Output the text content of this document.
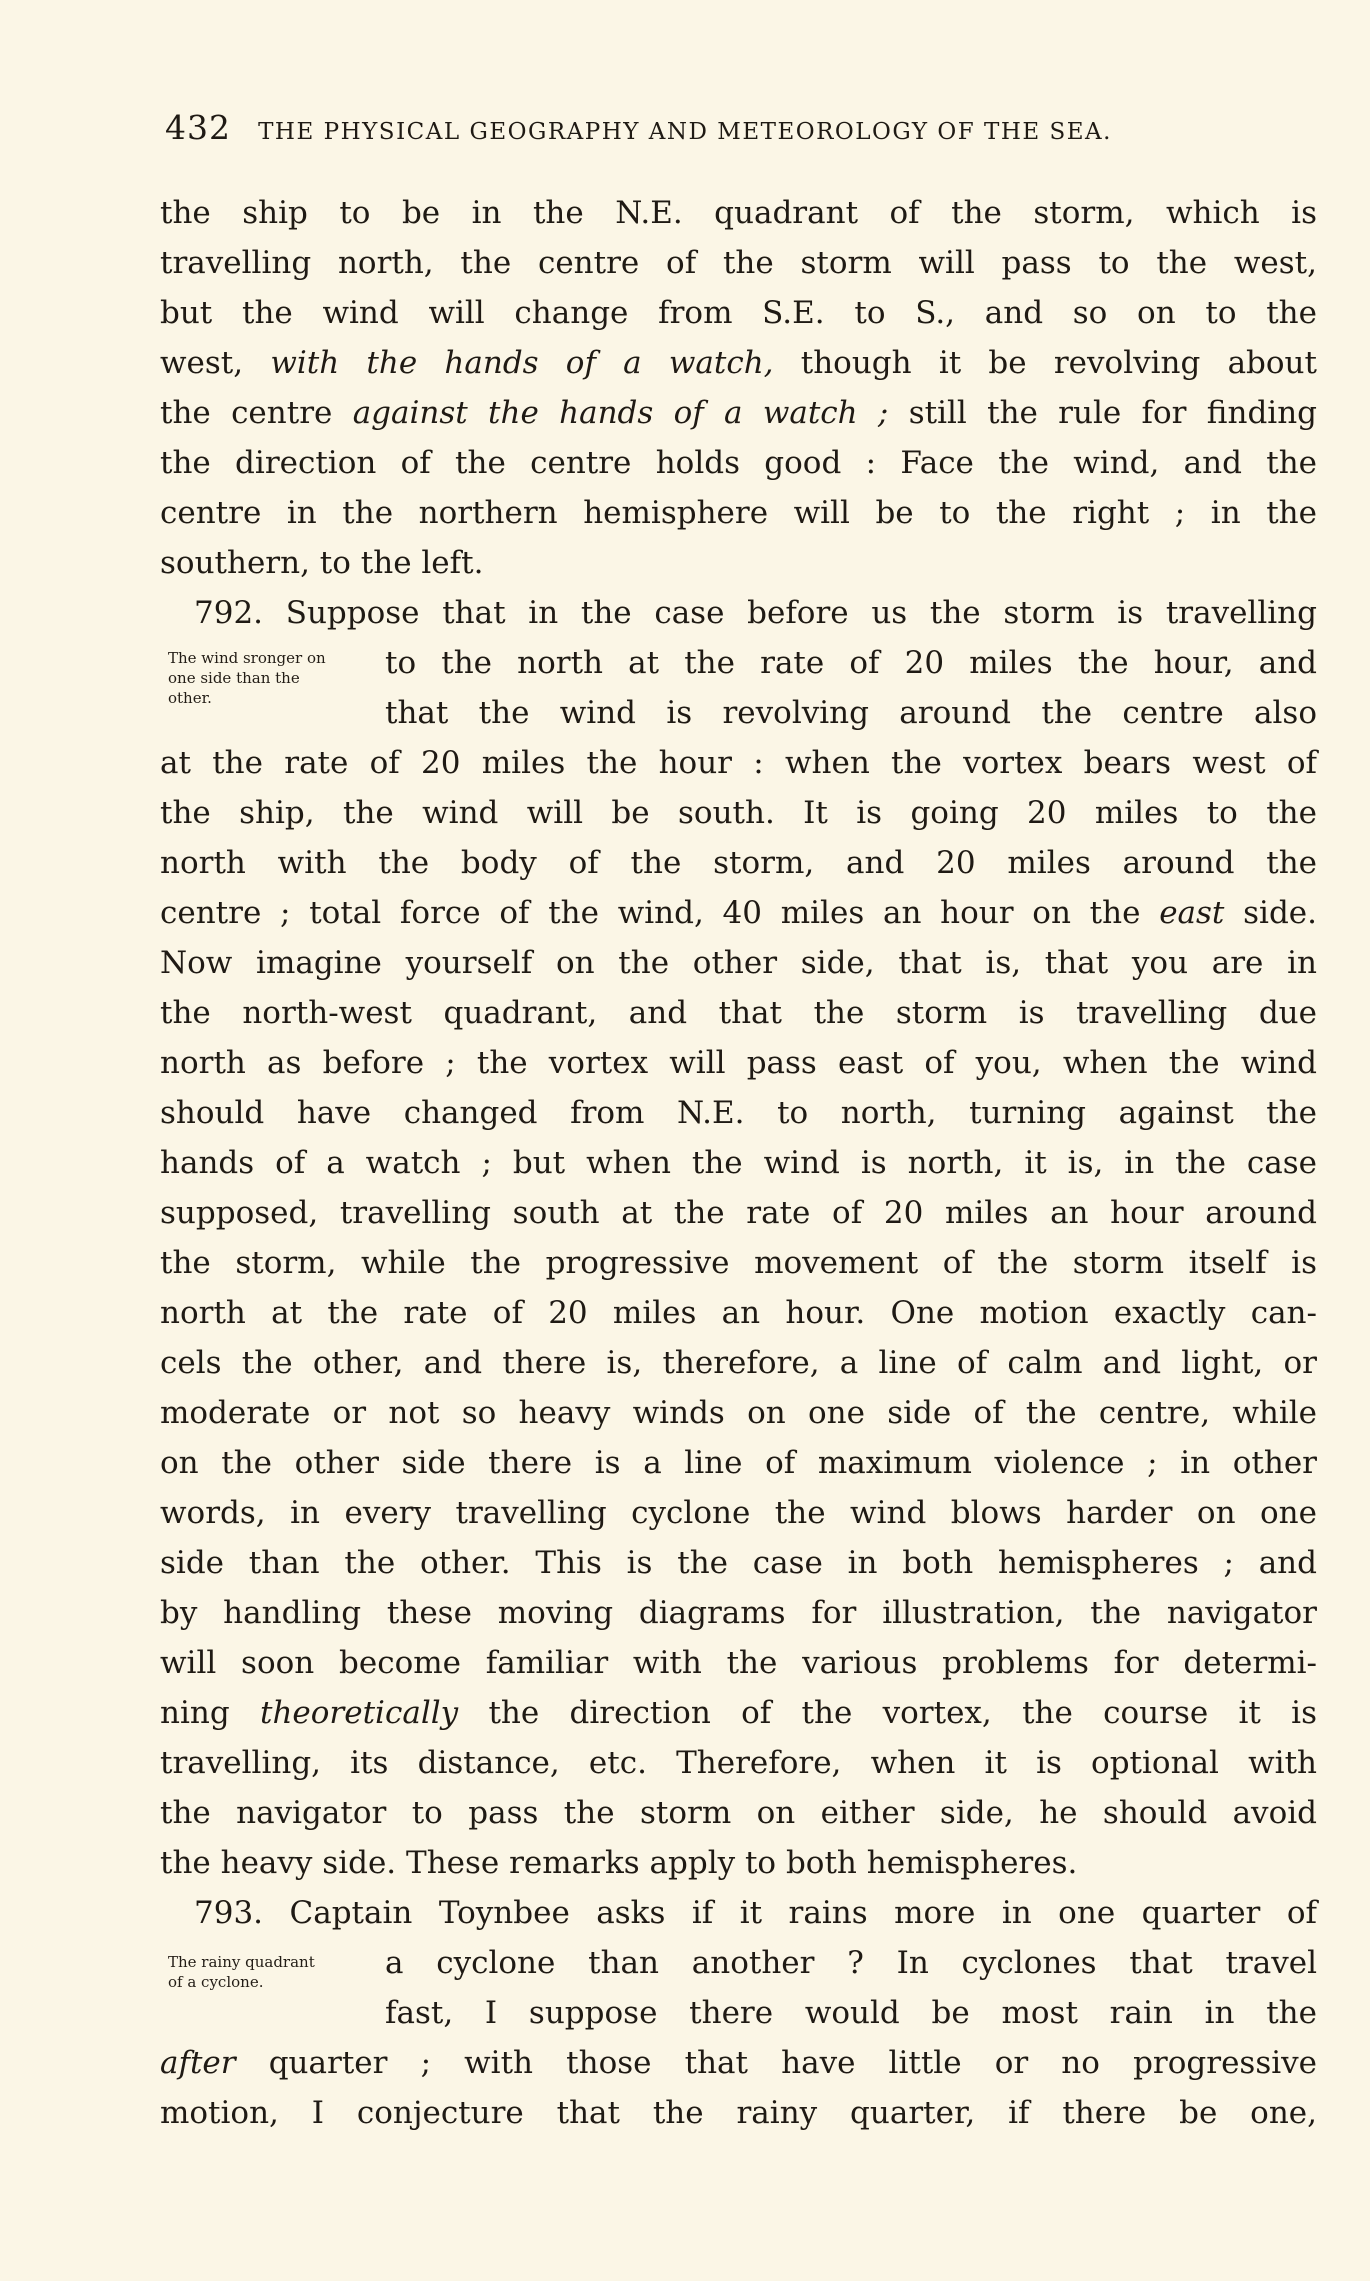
432 THE PHYSICAL GEOGRAPHY AND METEOROLOGY OF THE SEA.
the ship to be in the N.E. quadrant of the storm, which is
travelling north, the centre of the storm will pass to the west,
but the wind will change from S.E. to S., and so on to the
west, with the hands of a watch, though it be revolving about
the centre against the hands of a watch ; still the rule for finding
the direction of the centre holds good : Face the wind, and the
centre in the northern hemisphere will be to the right ; in the
southern, to the left.
792. Suppose that in the case before us the storm is travelling
The wind sronger on
one side than the
other.
to the north at the rate of 20 miles the hour, and
that the wind is revolving around the centre also
at the rate of 20 miles the hour : when the vortex bears west of
the ship, the wind will be south. It is going 20 miles to the
north with the body of the storm, and 20 miles around the
centre ; total force of the wind, 40 miles an hour on the east side.
Now imagine yourself on the other side, that is, that you are in
the north-west quadrant, and that the storm is travelling due
north as before ; the vortex will pass east of you, when the wind
should have changed from N.E. to north, turning against the
hands of a watch ; but when the wind is north, it is, in the case
supposed, travelling south at the rate of 20 miles an hour around
the storm, while the progressive movement of the storm itself is
north at the rate of 20 miles an hour. One motion exactly can-
cels the other, and there is, therefore, a line of calm and light, or
moderate or not so heavy winds on one side of the centre, while
on the other side there is a line of maximum violence ; in other
words, in every travelling cyclone the wind blows harder on one
side than the other. This is the case in both hemispheres ; and
by handling these moving diagrams for illustration, the navigator
will soon become familiar with the various problems for determi-
ning theoretically the direction of the vortex, the course it is
travelling, its distance, etc. Therefore, when it is optional with
the navigator to pass the storm on either side, he should avoid
the heavy side. These remarks apply to both hemispheres.
793. Captain Toynbee asks if it rains more in one quarter of
The rainy quadrant
of a cyclone.
a cyclone than another ? In cyclones that travel
fast, I suppose there would be most rain in the
after quarter ; with those that have little or no progressive
motion, I conjecture that the rainy quarter, if there be one,
